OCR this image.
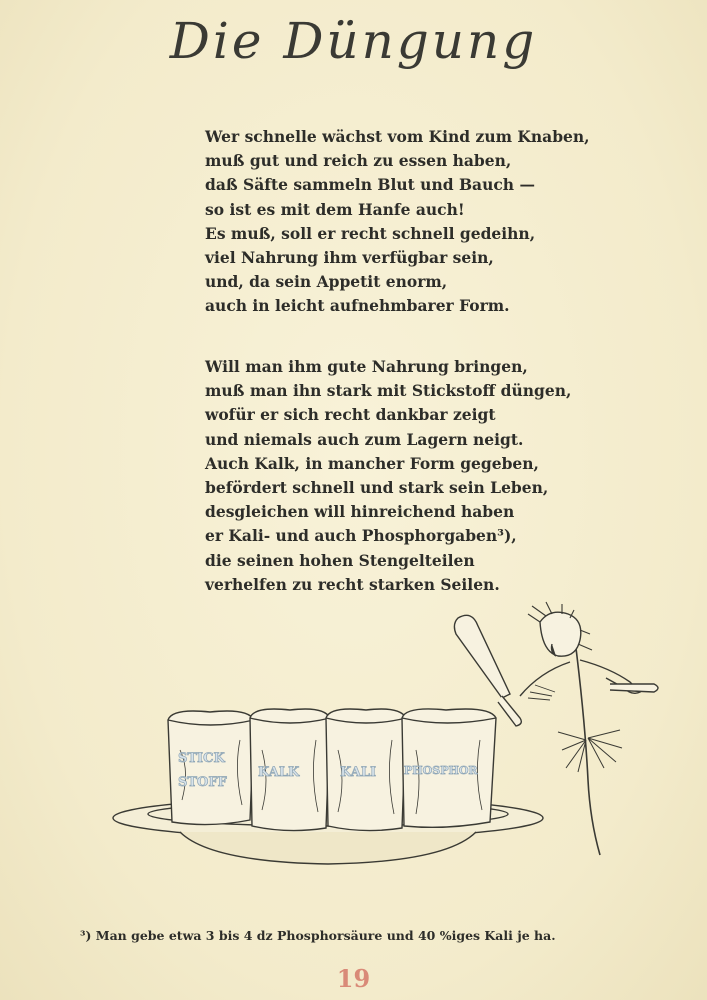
Die Düngung
Wer schnelle wächst vom Kind zum Knaben,
muß gut und reich zu essen haben,
daß Säfte sammeln Blut und Bauch —
so ist es mit dem Hanfe auch!
Es muß, soll er recht schnell gedeihn,
viel Nahrung ihm verfügbar sein,
und, da sein Appetit enorm,
auch in leicht aufnehmbarer Form.
Will man ihm gute Nahrung bringen,
muß man ihn stark mit Stickstoff düngen,
wofür er sich recht dankbar zeigt
und niemals auch zum Lagern neigt.
Auch Kalk, in mancher Form gegeben,
befördert schnell und stark sein Leben,
desgleichen will hinreichend haben
er Kali- und auch Phosphorgaben³),
die seinen hohen Stengelteilen
verhelfen zu recht starken Seilen.
STICK
STOFF
KALK	KALI	PHOSPHOR
³) Man gebe etwa 3 bis 4 dz Phosphorsäure und 40 %iges Kali je ha.
19
